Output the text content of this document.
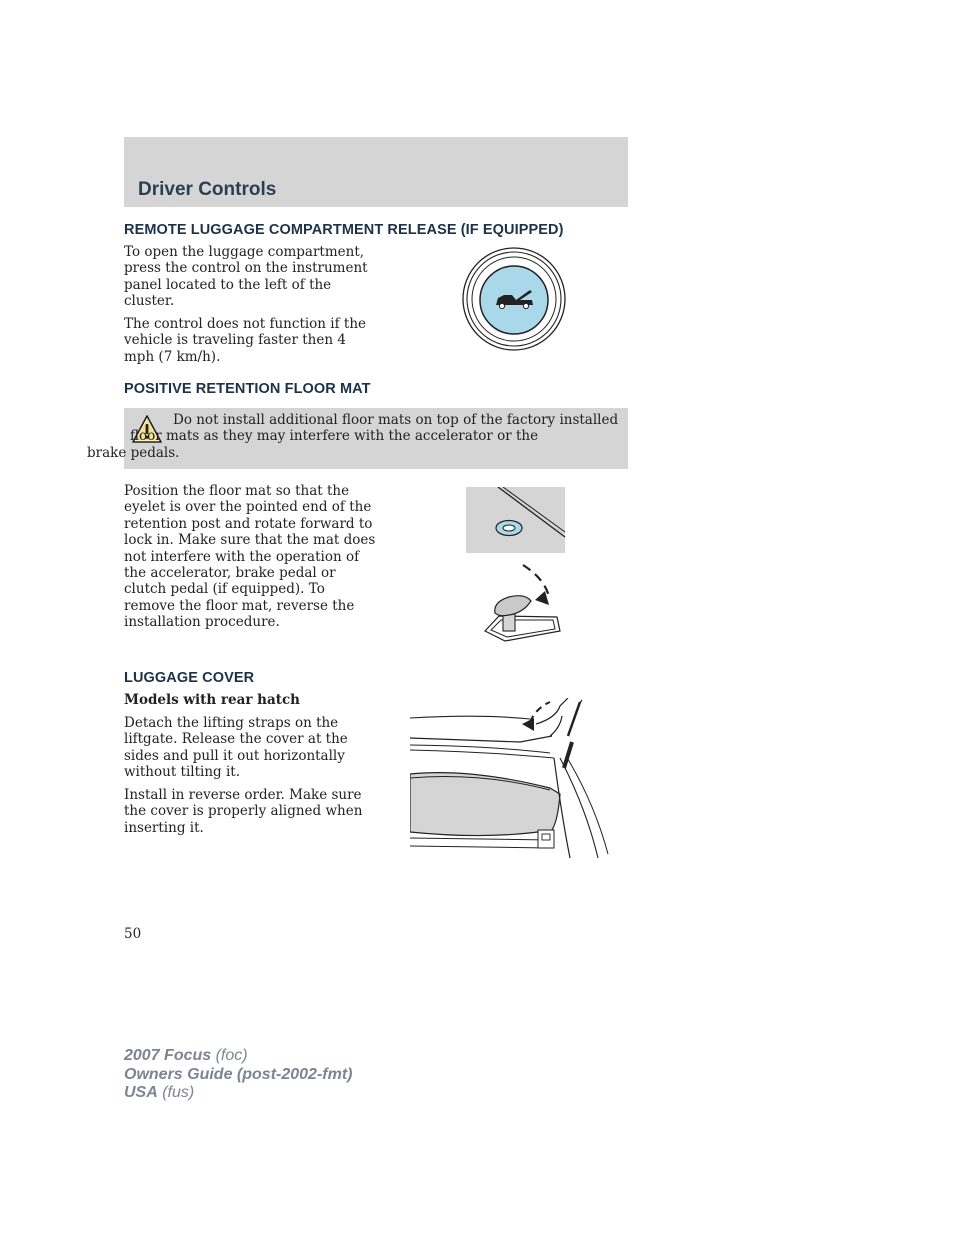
Driver Controls
REMOTE LUGGAGE COMPARTMENT RELEASE (IF EQUIPPED)
To open the luggage compartment,
press the control on the instrument
panel located to the left of the
cluster.
The control does not function if the
vehicle is traveling faster then 4
mph (7 km/h).
POSITIVE RETENTION FLOOR MAT
Do not install additional floor mats on top of the factory installed
floor mats as they may interfere with the accelerator or the
brake pedals.
Position the floor mat so that the
eyelet is over the pointed end of the
retention post and rotate forward to
lock in. Make sure that the mat does
not interfere with the operation of
the accelerator, brake pedal or
clutch pedal (if equipped). To
remove the floor mat, reverse the
installation procedure.
LUGGAGE COVER
Models with rear hatch
Detach the lifting straps on the
liftgate. Release the cover at the
sides and pull it out horizontally
without tilting it.
Install in reverse order. Make sure
the cover is properly aligned when
inserting it.
50
2007 Focus (foc)
Owners Guide (post-2002-fmt)
USA (fus)
